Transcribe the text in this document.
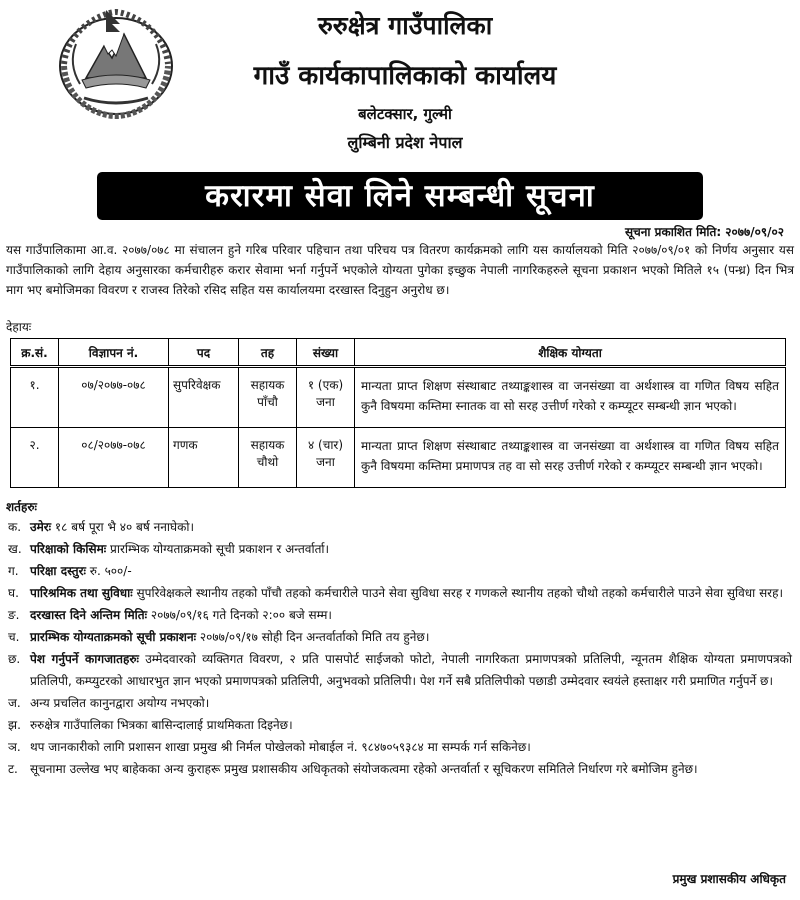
रुरुक्षेत्र गाउँपालिका
गाउँ कार्यकापालिकाको कार्यालय
बलेटक्सार, गुल्मी
लुम्बिनी प्रदेश नेपाल
करारमा सेवा लिने सम्बन्धी सूचना
सूचना प्रकाशित मिति: २०७७/०९/०२
यस गाउँपालिकामा आ.व. २०७७/०७८ मा संचालन हुने गरिब परिवार पहिचान तथा परिचय पत्र वितरण कार्यक्रमको लागि यस कार्यालयको मिति २०७७/०९/०१ को निर्णय अनुसार यस गाउँपालिकाको लागि देहाय अनुसारका कर्मचारीहरु करार सेवामा भर्ना गर्नुपर्ने भएकोले योग्यता पुगेका इच्छुक नेपाली नागरिकहरुले सूचना प्रकाशन भएको मितिले १५ (पन्ध्र) दिन भित्र माग भए बमोजिमका विवरण र राजस्व तिरेको रसिद सहित यस कार्यालयमा दरखास्त दिनुहुन अनुरोध छ।
देहायः
क्र.सं.	विज्ञापन नं.	पद	तह	संख्या	शैक्षिक योग्यता
१.	०७/२०७७-०७८	सुपरिवेक्षक	सहायक पाँचौ	१ (एक) जना	मान्यता प्राप्त शिक्षण संस्थाबाट तथ्याङ्कशास्त्र वा जनसंख्या वा अर्थशास्त्र वा गणित विषय सहित कुनै विषयमा कम्तिमा स्नातक वा सो सरह उत्तीर्ण गरेको र कम्प्यूटर सम्बन्धी ज्ञान भएको।
२.	०८/२०७७-०७८	गणक	सहायक चौथो	४ (चार) जना	मान्यता प्राप्त शिक्षण संस्थाबाट तथ्याङ्कशास्त्र वा जनसंख्या वा अर्थशास्त्र वा गणित विषय सहित कुनै विषयमा कम्तिमा प्रमाणपत्र तह वा सो सरह उत्तीर्ण गरेको र कम्प्यूटर सम्बन्धी ज्ञान भएको।
शर्तहरुः
क. उमेरः १८ बर्ष पूरा भै ४० बर्ष ननाघेको।
ख. परिक्षाको किसिमः प्रारम्भिक योग्यताक्रमको सूची प्रकाशन र अन्तर्वार्ता।
ग. परिक्षा दस्तुरः रु. ५००/-
घ. पारिश्रमिक तथा सुविधाः सुपरिवेक्षकले स्थानीय तहको पाँचौ तहको कर्मचारीले पाउने सेवा सुविधा सरह र गणकले स्थानीय तहको चौथो तहको कर्मचारीले पाउने सेवा सुविधा सरह।
ङ. दरखास्त दिने अन्तिम मितिः २०७७/०९/१६ गते दिनको २:०० बजे सम्म।
च. प्रारम्भिक योग्यताक्रमको सूची प्रकाशनः २०७७/०९/१७ सोही दिन अन्तर्वार्ताको मिति तय हुनेछ।
छ. पेश गर्नुपर्ने कागजातहरुः उम्मेदवारको व्यक्तिगत विवरण, २ प्रति पासपोर्ट साईजको फोटो, नेपाली नागरिकता प्रमाणपत्रको प्रतिलिपी, न्यूनतम शैक्षिक योग्यता प्रमाणपत्रको प्रतिलिपी, कम्प्युटरको आधारभुत ज्ञान भएको प्रमाणपत्रको प्रतिलिपी, अनुभवको प्रतिलिपी। पेश गर्ने सबै प्रतिलिपीको पछाडी उम्मेदवार स्वयंले हस्ताक्षर गरी प्रमाणित गर्नुपर्ने छ।
ज. अन्य प्रचलित कानुनद्वारा अयोग्य नभएको।
झ. रुरुक्षेत्र गाउँपालिका भित्रका बासिन्दालाई प्राथमिकता दिइनेछ।
ञ. थप जानकारीको लागि प्रशासन शाखा प्रमुख श्री निर्मल पोखेलको मोबाईल नं. ९८४७०५९३८४ मा सम्पर्क गर्न सकिनेछ।
ट. सूचनामा उल्लेख भए बाहेकका अन्य कुराहरू प्रमुख प्रशासकीय अधिकृतको संयोजकत्वमा रहेको अन्तर्वार्ता र सूचिकरण समितिले निर्धारण गरे बमोजिम हुनेछ।
प्रमुख प्रशासकीय अधिकृत
